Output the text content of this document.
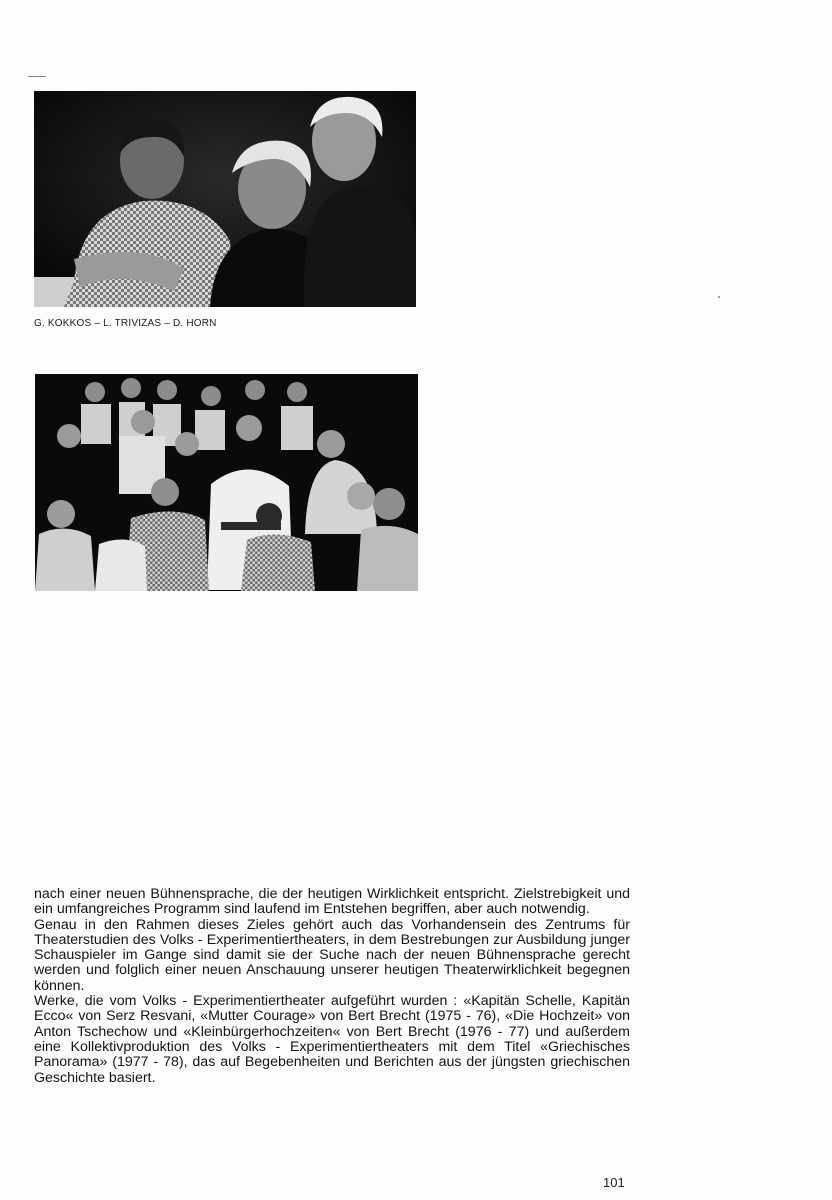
G. KOKKOS – L. TRIVIZAS – D. HORN

nach einer neuen Bühnensprache, die der heutigen Wirklichkeit entspricht. Zielstrebigkeit und ein umfangreiches Programm sind laufend im Entstehen begriffen, aber auch notwendig.

Genau in den Rahmen dieses Zieles gehört auch das Vorhandensein des Zentrums für Theaterstudien des Volks - Experimentiertheaters, in dem Bestrebungen zur Ausbildung junger Schauspieler im Gange sind damit sie der Suche nach der neuen Bühnensprache gerecht werden und folglich einer neuen Anschauung unserer heutigen Theaterwirklichkeit begegnen können.

Werke, die vom Volks - Experimentiertheater aufgeführt wurden : «Kapitän Schelle, Kapitän Ecco« von Serz Resvani, «Mutter Courage» von Bert Brecht (1975 - 76), «Die Hochzeit» von Anton Tschechow und «Kleinbürgerhochzeiten« von Bert Brecht (1976 - 77) und außerdem eine Kollektivproduktion des Volks - Experimentiertheaters mit dem Titel «Griechisches Panorama» (1977 - 78), das auf Begebenheiten und Berichten aus der jüngsten griechischen Geschichte basiert.

101
